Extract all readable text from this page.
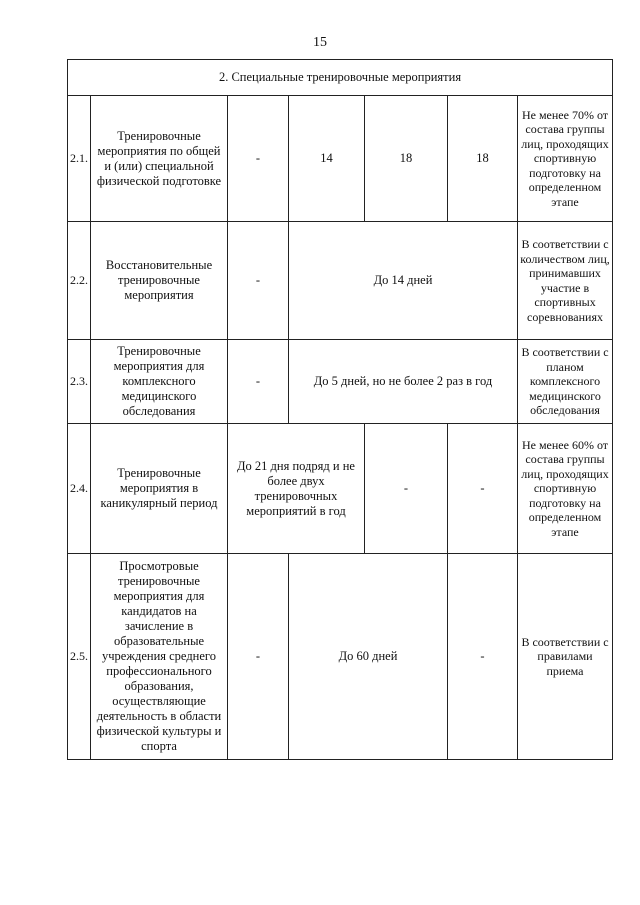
15
2. Специальные тренировочные мероприятия						
2.1.	Тренировочные мероприятия по общей и (или) специальной физической подготовке	-	14	18	18	Не менее 70% от состава группы лиц, проходящих спортивную подготовку на определенном этапе
2.2.	Восстановительные тренировочные мероприятия	-	До 14 дней			В соответствии с количеством лиц, принимавших участие в спортивных соревнованиях
2.3.	Тренировочные мероприятия для комплексного медицинского обследования	-	До 5 дней, но не более 2 раз в год			В соответствии с планом комплексного медицинского обследования
2.4.	Тренировочные мероприятия в каникулярный период	До 21 дня подряд и не более двух тренировочных мероприятий в год		-	-	Не менее 60% от состава группы лиц, проходящих спортивную подготовку на определенном этапе
2.5.	Просмотровые тренировочные мероприятия для кандидатов на зачисление в образовательные учреждения среднего профессионального образования, осуществляющие деятельность в области физической культуры и спорта	-	До 60 дней		-	В соответствии с правилами приема
